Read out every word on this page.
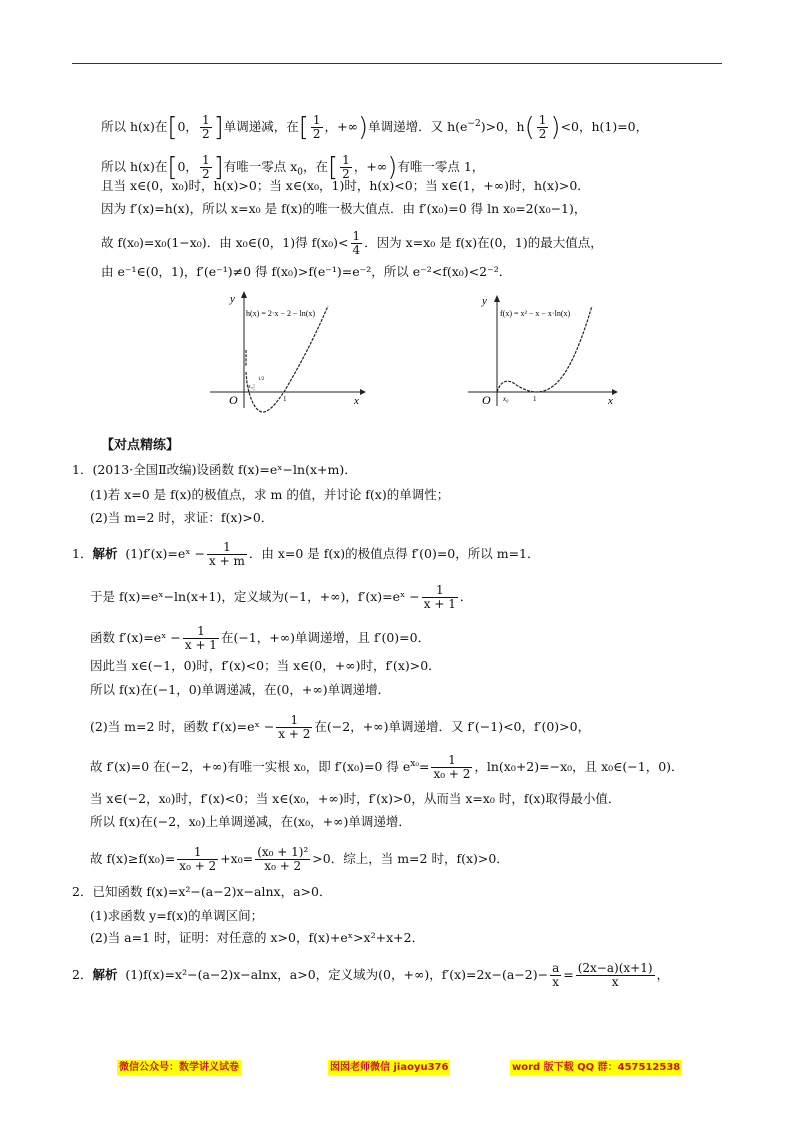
所以 h(x)在[0， $\frac{1}{2}$ ]单调递减，在[ $\frac{1}{2}$ ，+∞)单调递增．又 $h(e^{-2})>0$，$h( \frac{1}{2} )<0$，h(1)=0，
所以 h(x)在[0， $\frac{1}{2}$ ]有唯一零点 $x_0$，在[ $\frac{1}{2}$ ，+∞)有唯一零点 1，
且当 x∈(0，x₀)时，h(x)>0；当 x∈(x₀，1)时，h(x)<0；当 x∈(1，+∞)时，h(x)>0．
因为 f′(x)=h(x)，所以 x=x₀ 是 f(x)的唯一极大值点．由 f′(x₀)=0 得 ln x₀=2(x₀−1)，
故 f(x₀)=x₀(1−x₀)．由 x₀∈(0，1)得 $f(x_0)< \frac{1}{4}$ ．因为 x=x₀ 是 f(x)在(0，1)的最大值点，
由 e⁻¹∈(0，1)，f′(e⁻¹)≠0 得 f(x₀)>f(e⁻¹)=e⁻²，所以 e⁻²<f(x₀)<2⁻²．
y
x
O
h(x) = 2·x − 2 − ln(x)
x₀
1/2
1
y
x
O
f(x) = x² − x − x·ln(x)
x₀	1
【对点精练】
1．(2013·全国Ⅱ改编)设函数 f(x)=eˣ−ln(x+m)．
(1)若 x=0 是 f(x)的极值点，求 m 的值，并讨论 f(x)的单调性；
(2)当 m=2 时，求证：f(x)>0．
1．解析 (1)f′(x)=eˣ − $\frac{1}{x + m}$ ．由 x=0 是 f(x)的极值点得 f′(0)=0，所以 m=1．
于是 f(x)=eˣ−ln(x+1)，定义域为(−1，+∞)，f′(x)=eˣ − $\frac{1}{x + 1}$ ．
函数 f′(x)=eˣ − $\frac{1}{x + 1}$ 在(−1，+∞)单调递增，且 f′(0)=0．
因此当 x∈(−1，0)时，f′(x)<0；当 x∈(0，+∞)时，f′(x)>0．
所以 f(x)在(−1，0)单调递减，在(0，+∞)单调递增．
(2)当 m=2 时，函数 f′(x)=eˣ − $\frac{1}{x + 2}$ 在(−2，+∞)单调递增．又 f′(−1)<0，f′(0)>0，
故 f′(x)=0 在(−2，+∞)有唯一实根 x₀，即 f′(x₀)=0 得 $e^{x_0}= \frac{1}{\text{x₀ + 2}}$ ，ln(x₀+2)=−x₀，且 x₀∈(−1，0)．
当 x∈(−2，x₀)时，f′(x)<0；当 x∈(x₀，+∞)时，f′(x)>0，从而当 x=x₀ 时，f(x)取得最小值．
所以 f(x)在(−2，x₀)上单调递减，在(x₀，+∞)单调递增．
故 $f(x)\ge f(x_0)= \frac{1}{\text{x₀ + 2}} +x_0= \frac{\text{(x₀ + 1)²}}{\text{x₀ + 2}} >0$．综上，当 m=2 时，f(x)>0．
2．已知函数 f(x)=x²−(a−2)x−alnx，a>0．
(1)求函数 y=f(x)的单调区间；
(2)当 a=1 时，证明：对任意的 x>0，f(x)+eˣ>x²+x+2．
2．解析 (1)f(x)=x²−(a−2)x−alnx，a>0，定义域为(0，+∞)，$f'(x)=2x-(a-2)- \frac{a}{x} = \frac{(2x-a)(x+1)}{x}$ ，
微信公众号：数学讲义试卷	囡囡老师微信 jiaoyu376	word 版下载 QQ 群：457512538
